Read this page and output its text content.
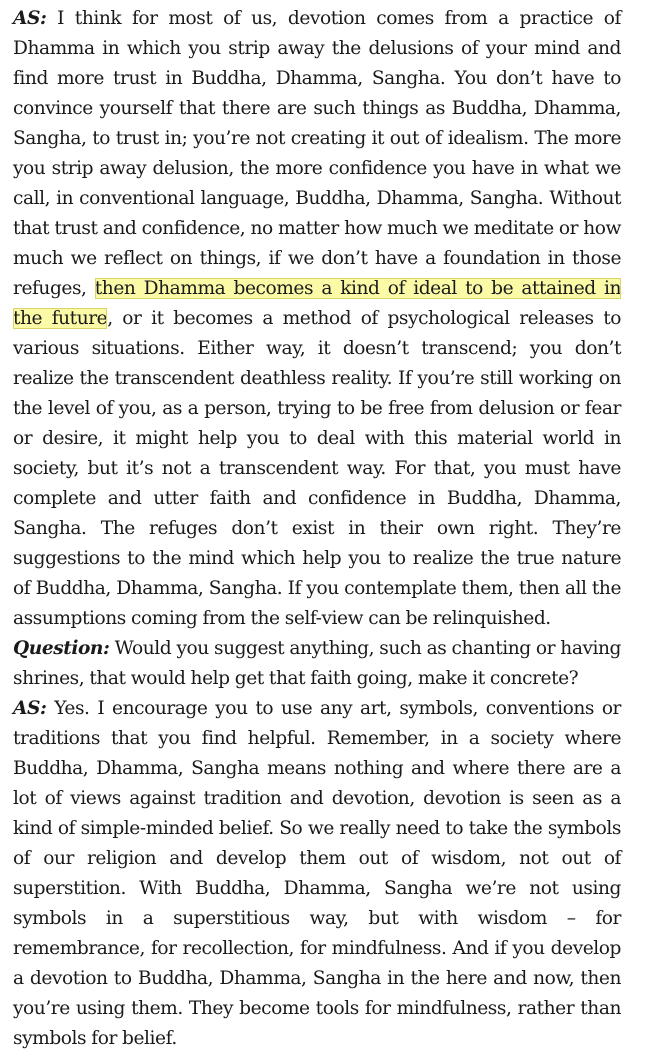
AS: I think for most of us, devotion comes from a practice of Dhamma in which you strip away the delusions of your mind and find more trust in Buddha, Dhamma, Sangha. You don’t have to convince yourself that there are such things as Buddha, Dhamma, Sangha, to trust in; you’re not creating it out of idealism. The more you strip away delusion, the more confidence you have in what we call, in conventional language, Buddha, Dhamma, Sangha. Without that trust and confidence, no matter how much we meditate or how much we reflect on things, if we don’t have a foundation in those refuges, then Dhamma becomes a kind of ideal to be attained in the future, or it becomes a method of psychological releases to various situations. Either way, it doesn’t transcend; you don’t realize the transcendent deathless reality. If you’re still working on the level of you, as a person, trying to be free from delusion or fear or desire, it might help you to deal with this material world in society, but it’s not a transcendent way. For that, you must have complete and utter faith and confidence in Buddha, Dhamma, Sangha. The refuges don’t exist in their own right. They’re suggestions to the mind which help you to realize the true nature of Buddha, Dhamma, Sangha. If you contemplate them, then all the assumptions coming from the self-view can be relinquished.

Question: Would you suggest anything, such as chanting or having shrines, that would help get that faith going, make it concrete?

AS: Yes. I encourage you to use any art, symbols, conventions or traditions that you find helpful. Remember, in a society where Buddha, Dhamma, Sangha means nothing and where there are a lot of views against tradition and devotion, devotion is seen as a kind of simple-minded belief. So we really need to take the symbols of our religion and develop them out of wisdom, not out of superstition. With Buddha, Dhamma, Sangha we’re not using symbols in a superstitious way, but with wisdom – for remembrance, for recollection, for mindfulness. And if you develop a devotion to Buddha, Dhamma, Sangha in the here and now, then you’re using them. They become tools for mindfulness, rather than symbols for belief.
